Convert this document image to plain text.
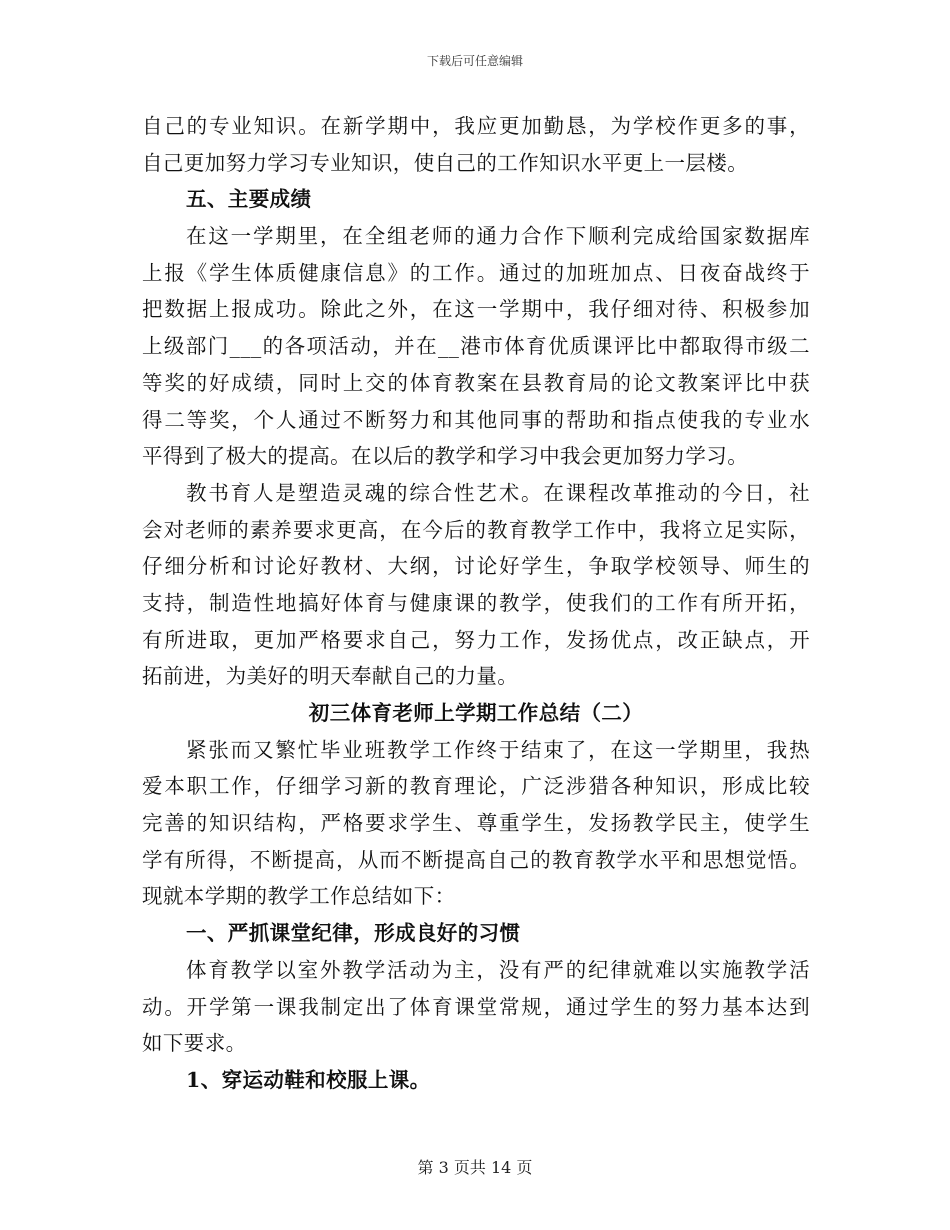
下载后可任意编辑
自己的专业知识。在新学期中，我应更加勤恳，为学校作更多的事，
自己更加努力学习专业知识，使自己的工作知识水平更上一层楼。
五、主要成绩
在这一学期里，在全组老师的通力合作下顺利完成给国家数据库
上报《学生体质健康信息》的工作。通过的加班加点、日夜奋战终于
把数据上报成功。除此之外，在这一学期中，我仔细对待、积极参加
上级部门___的各项活动，并在__港市体育优质课评比中都取得市级二
等奖的好成绩，同时上交的体育教案在县教育局的论文教案评比中获
得二等奖，个人通过不断努力和其他同事的帮助和指点使我的专业水
平得到了极大的提高。在以后的教学和学习中我会更加努力学习。
教书育人是塑造灵魂的综合性艺术。在课程改革推动的今日，社
会对老师的素养要求更高，在今后的教育教学工作中，我将立足实际，
仔细分析和讨论好教材、大纲，讨论好学生，争取学校领导、师生的
支持，制造性地搞好体育与健康课的教学，使我们的工作有所开拓，
有所进取，更加严格要求自己，努力工作，发扬优点，改正缺点，开
拓前进，为美好的明天奉献自己的力量。
初三体育老师上学期工作总结（二）
紧张而又繁忙毕业班教学工作终于结束了，在这一学期里，我热
爱本职工作，仔细学习新的教育理论，广泛涉猎各种知识，形成比较
完善的知识结构，严格要求学生、尊重学生，发扬教学民主，使学生
学有所得，不断提高，从而不断提高自己的教育教学水平和思想觉悟。
现就本学期的教学工作总结如下：
一、严抓课堂纪律，形成良好的习惯
体育教学以室外教学活动为主，没有严的纪律就难以实施教学活
动。开学第一课我制定出了体育课堂常规，通过学生的努力基本达到
如下要求。
1、穿运动鞋和校服上课。
第 3 页共 14 页
